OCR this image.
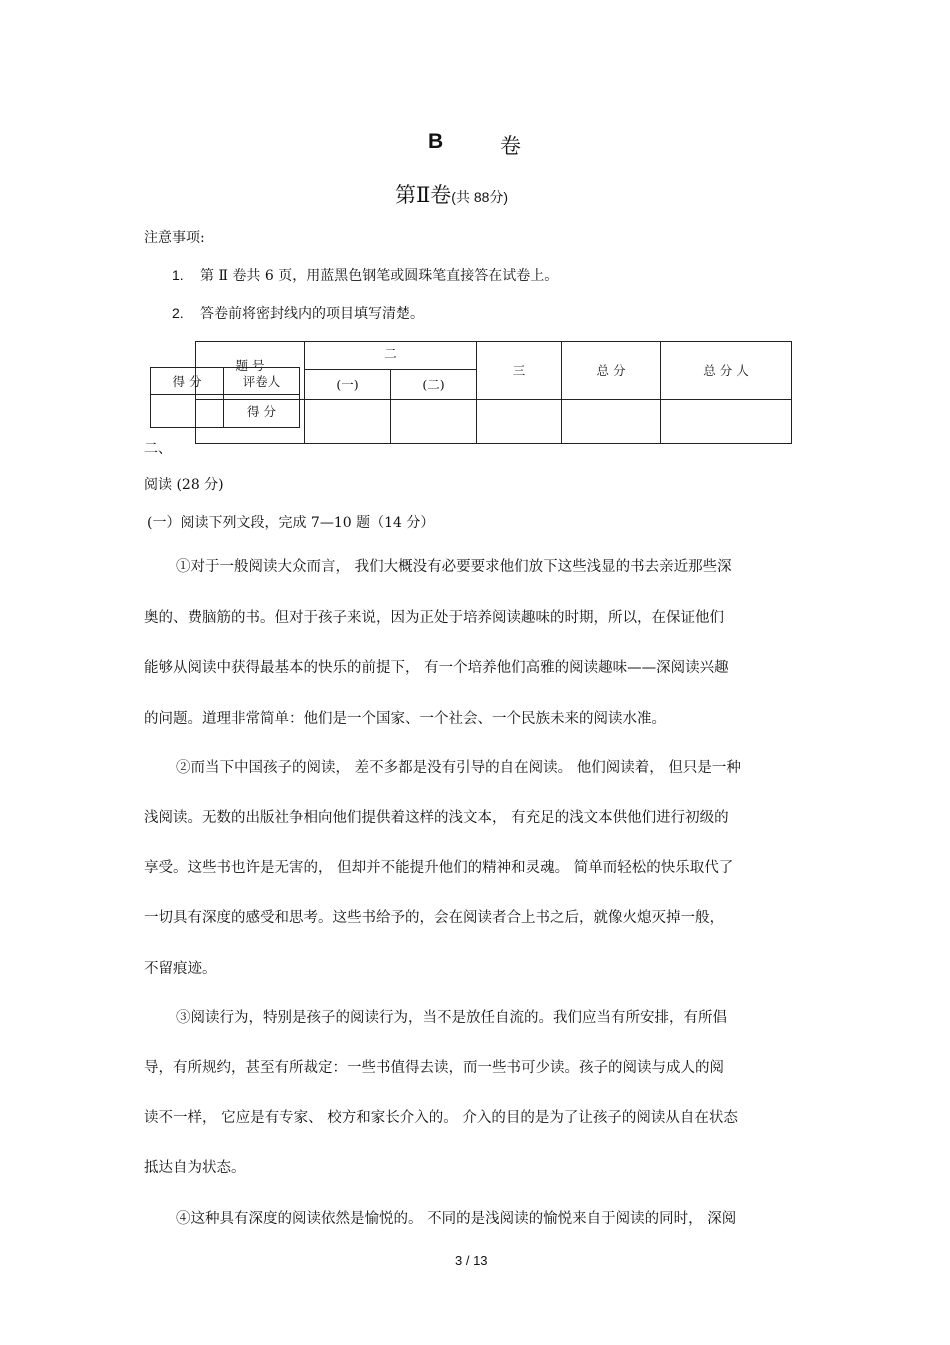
B	卷
第Ⅱ卷(共 88分)
注意事项:
1. 第 Ⅱ 卷共 6 页，用蓝黑色钢笔或圆珠笔直接答在试卷上。
2. 答卷前将密封线内的项目填写清楚。
题 号	二		三	总 分	总 分 人
	(一)	(二)			

得 分	评卷人
	得 分
二、
阅读 (28 分)
(一）阅读下列文段，完成 7—10 题（14 分）
①对于一般阅读大众而言， 我们大概没有必要要求他们放下这些浅显的书去亲近那些深
奥的、费脑筋的书。但对于孩子来说，因为正处于培养阅读趣味的时期，所以，在保证他们
能够从阅读中获得最基本的快乐的前提下， 有一个培养他们高雅的阅读趣味——深阅读兴趣
的问题。道理非常简单：他们是一个国家、一个社会、一个民族未来的阅读水准。
②而当下中国孩子的阅读， 差不多都是没有引导的自在阅读。 他们阅读着， 但只是一种
浅阅读。无数的出版社争相向他们提供着这样的浅文本， 有充足的浅文本供他们进行初级的
享受。这些书也许是无害的， 但却并不能提升他们的精神和灵魂。 简单而轻松的快乐取代了
一切具有深度的感受和思考。这些书给予的，会在阅读者合上书之后，就像火熄灭掉一般，
不留痕迹。
③阅读行为，特别是孩子的阅读行为，当不是放任自流的。我们应当有所安排，有所倡
导，有所规约，甚至有所裁定：一些书值得去读，而一些书可少读。孩子的阅读与成人的阅
读不一样， 它应是有专家、 校方和家长介入的。 介入的目的是为了让孩子的阅读从自在状态
抵达自为状态。
④这种具有深度的阅读依然是愉悦的。 不同的是浅阅读的愉悦来自于阅读的同时， 深阅
3 / 13
